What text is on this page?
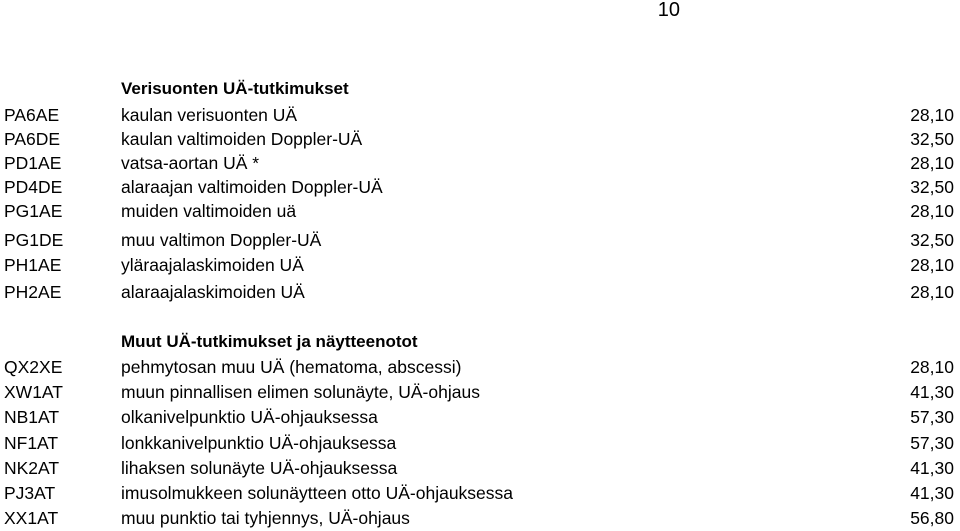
10
Verisuonten UÄ-tutkimukset
PA6AE	kaulan verisuonten UÄ	28,10
PA6DE	kaulan valtimoiden Doppler-UÄ	32,50
PD1AE	vatsa-aortan UÄ *	28,10
PD4DE	alaraajan valtimoiden Doppler-UÄ	32,50
PG1AE	muiden valtimoiden uä	28,10
PG1DE	muu valtimon Doppler-UÄ	32,50
PH1AE	yläraajalaskimoiden UÄ	28,10
PH2AE	alaraajalaskimoiden UÄ	28,10
Muut UÄ-tutkimukset ja näytteenotot
QX2XE	pehmytosan muu UÄ (hematoma, abscessi)	28,10
XW1AT	muun pinnallisen elimen solunäyte, UÄ-ohjaus	41,30
NB1AT	olkanivelpunktio UÄ-ohjauksessa	57,30
NF1AT	lonkkanivelpunktio UÄ-ohjauksessa	57,30
NK2AT	lihaksen solunäyte UÄ-ohjauksessa	41,30
PJ3AT	imusolmukkeen solunäytteen otto UÄ-ohjauksessa	41,30
XX1AT	muu punktio tai tyhjennys, UÄ-ohjaus	56,80
